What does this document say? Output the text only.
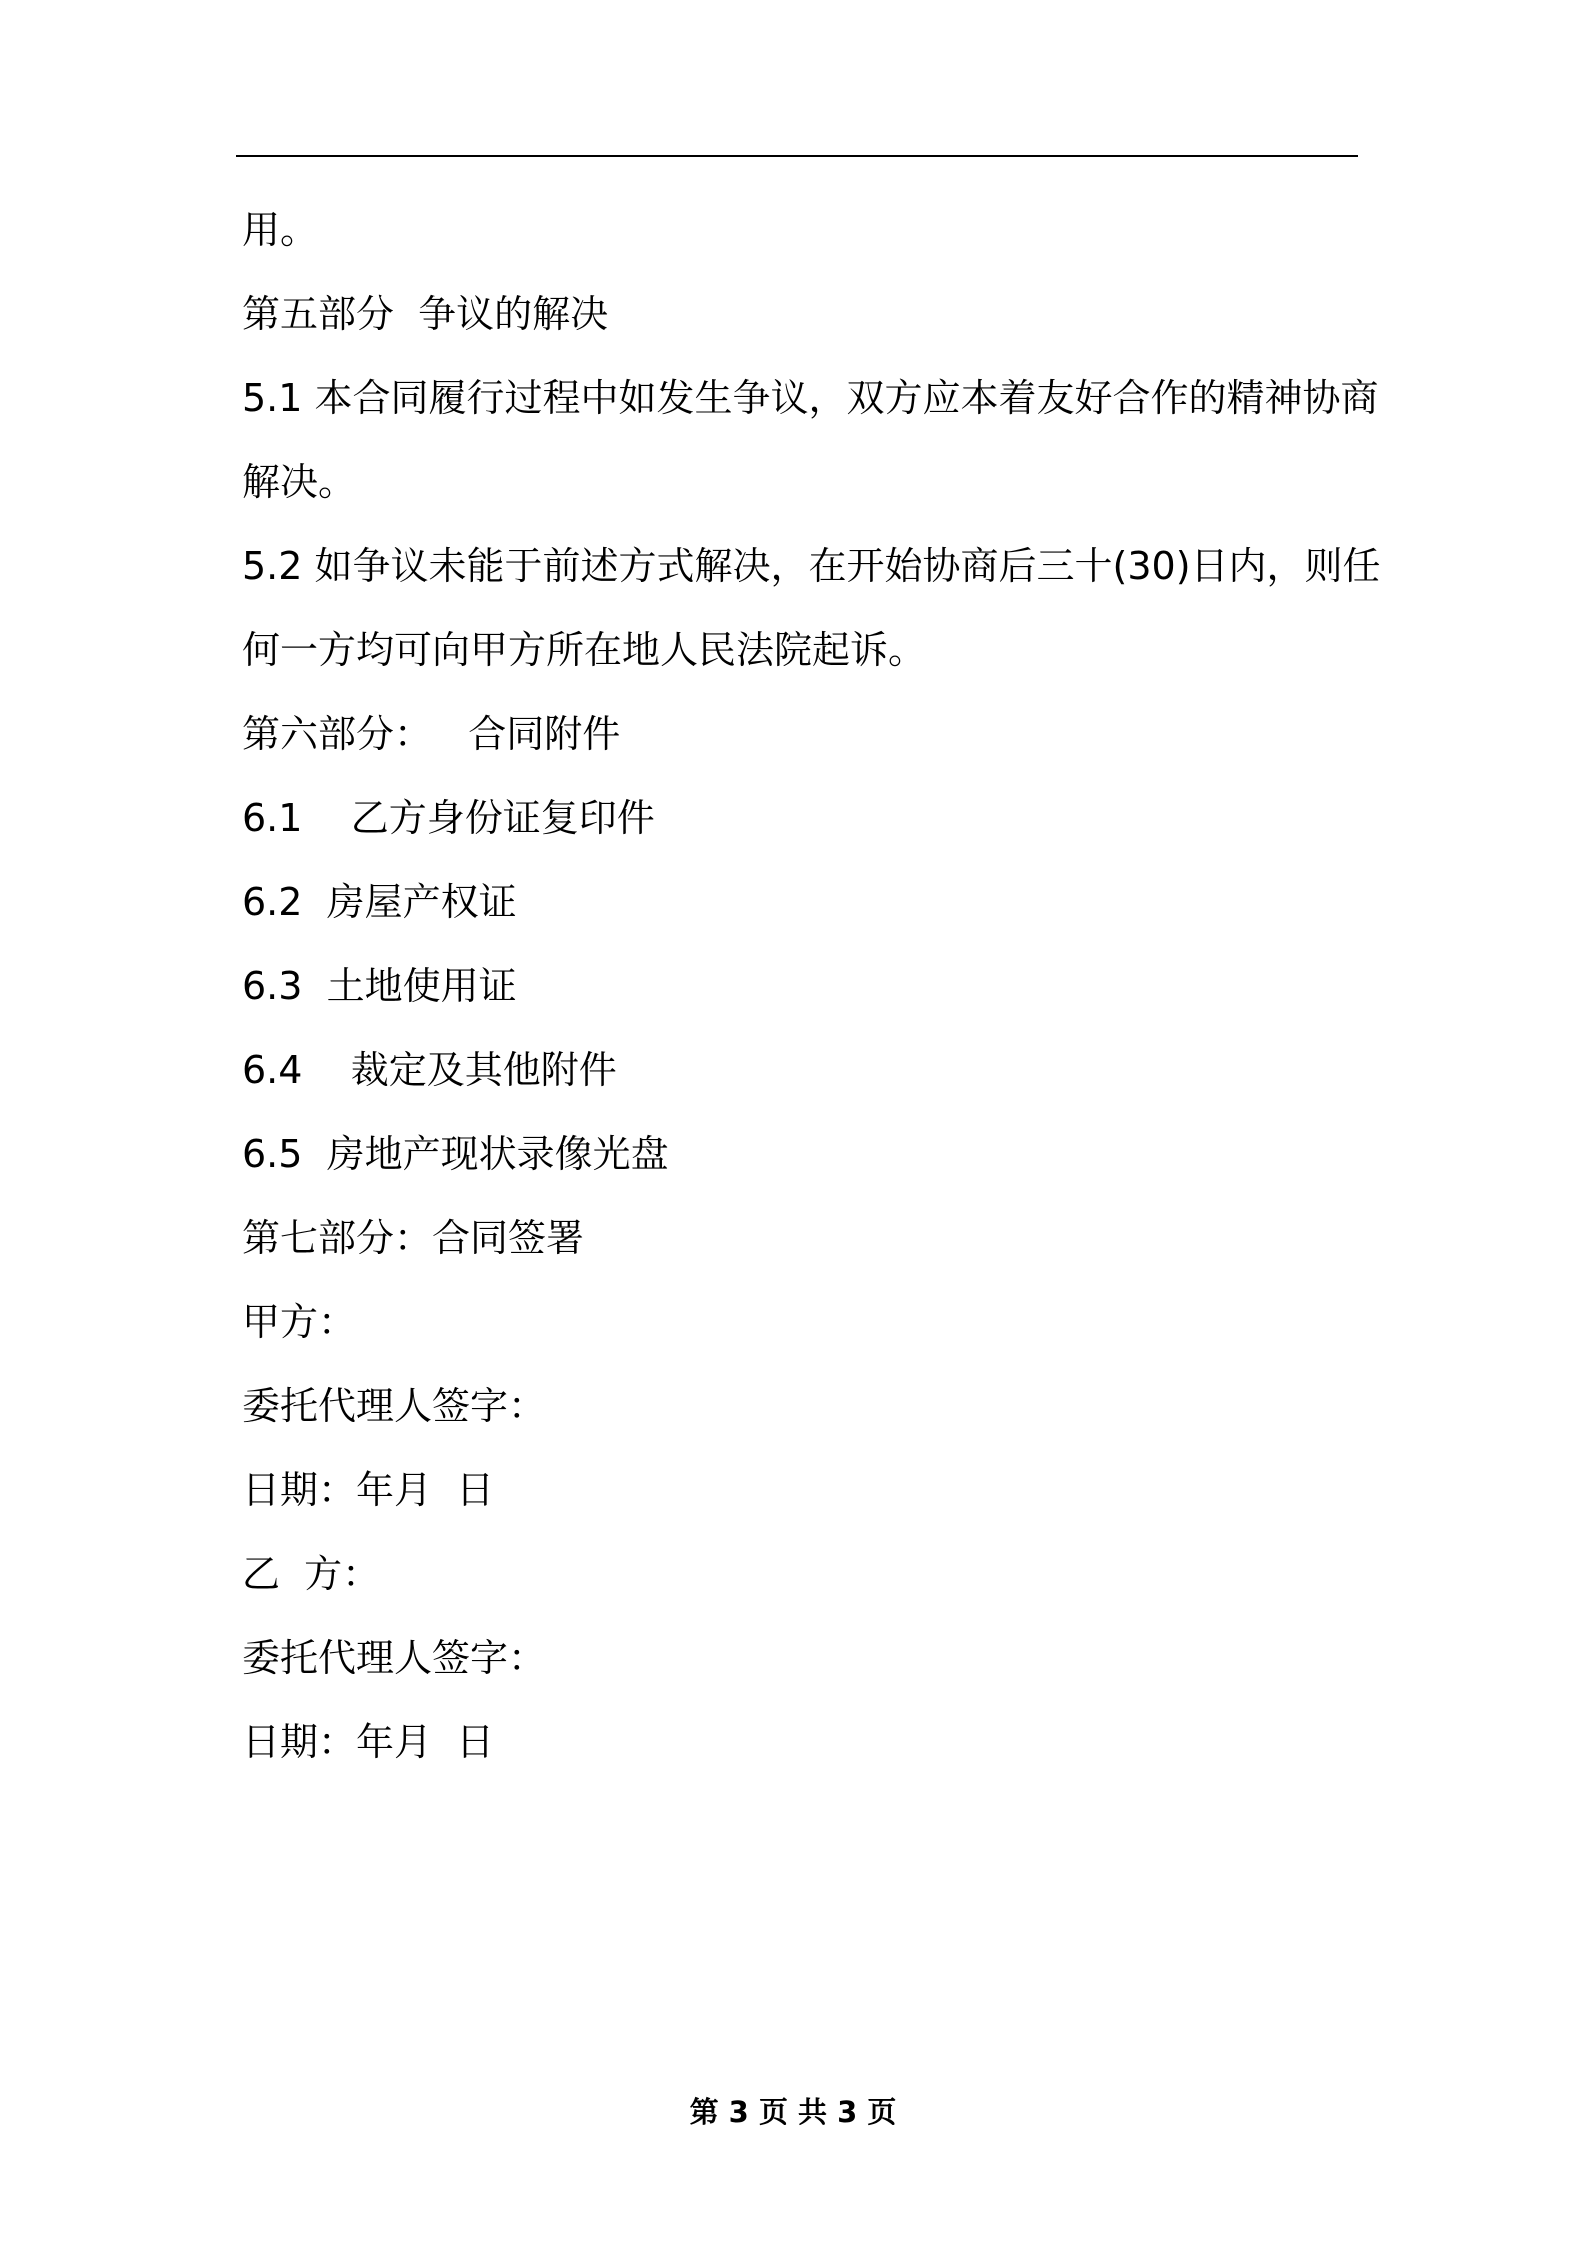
用。

第五部分  争议的解决

5.1 本合同履行过程中如发生争议，双方应本着友好合作的精神协商

解决。

5.2 如争议未能于前述方式解决，在开始协商后三十(30)日内，则任

何一方均可向甲方所在地人民法院起诉。

第六部分：   合同附件

6.1    乙方身份证复印件

6.2  房屋产权证

6.3  土地使用证

6.4    裁定及其他附件

6.5  房地产现状录像光盘

第七部分：合同签署

甲方：

委托代理人签字：

日期：年月  日

乙  方：

委托代理人签字：

日期：年月  日

第 3 页 共 3 页
